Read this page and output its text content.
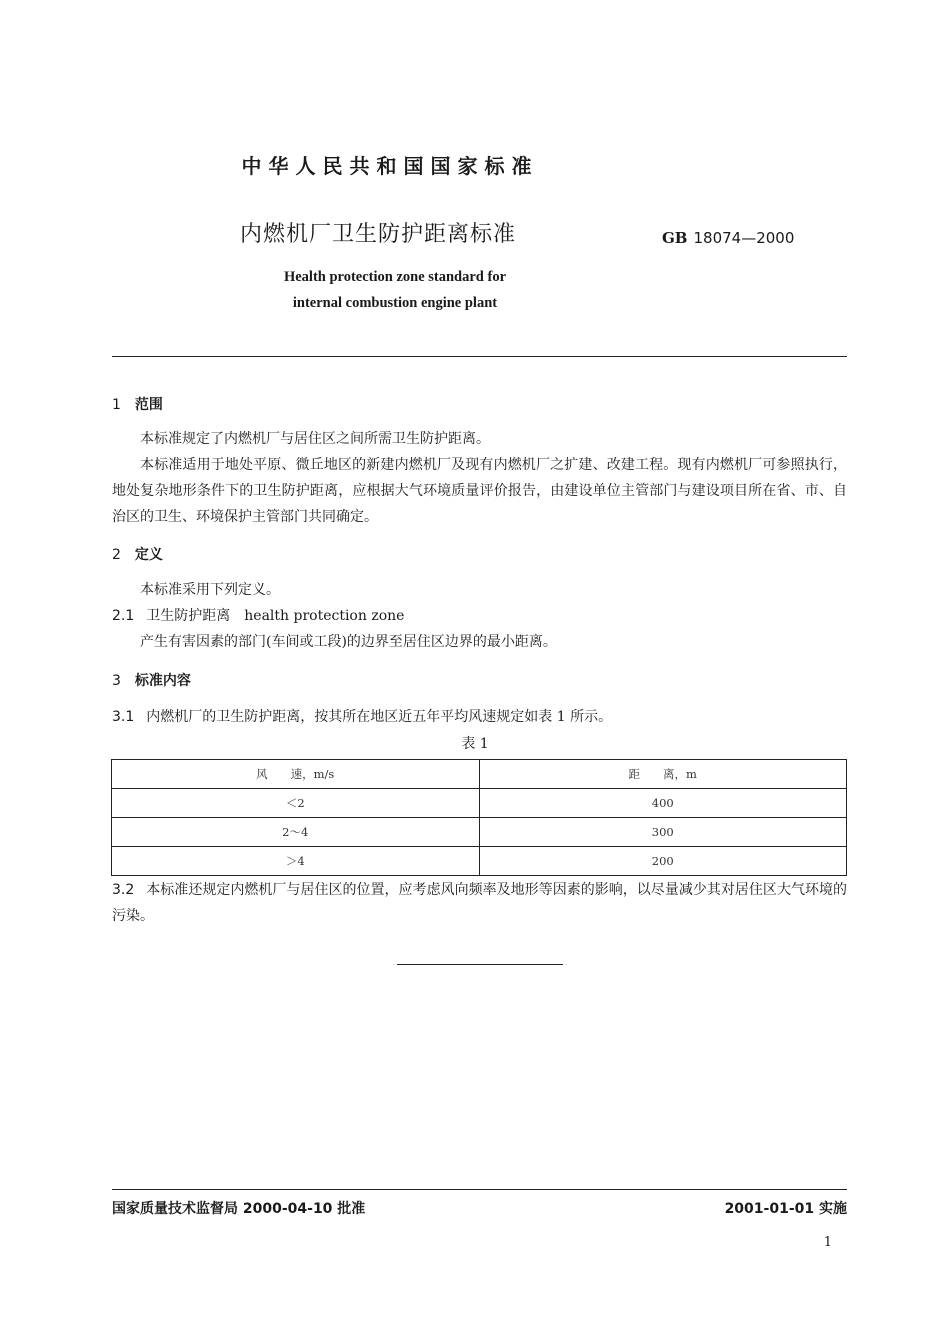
中华人民共和国国家标准
内燃机厂卫生防护距离标准	GB 18074—2000
Health protection zone standard for
internal combustion engine plant
1 范围
本标准规定了内燃机厂与居住区之间所需卫生防护距离。
本标准适用于地处平原、微丘地区的新建内燃机厂及现有内燃机厂之扩建、改建工程。现有内燃机厂可参照执行，地处复杂地形条件下的卫生防护距离，应根据大气环境质量评价报告，由建设单位主管部门与建设项目所在省、市、自治区的卫生、环境保护主管部门共同确定。
2 定义
本标准采用下列定义。
2.1 卫生防护距离 health protection zone
产生有害因素的部门(车间或工段)的边界至居住区边界的最小距离。
3 标准内容
3.1 内燃机厂的卫生防护距离，按其所在地区近五年平均风速规定如表 1 所示。
表 1
风　　速，m/s	距　　离，m
＜2	400
2～4	300
＞4	200
3.2 本标准还规定内燃机厂与居住区的位置，应考虑风向频率及地形等因素的影响，以尽量减少其对居住区大气环境的污染。
国家质量技术监督局 2000-04-10 批准	2001-01-01 实施
1
